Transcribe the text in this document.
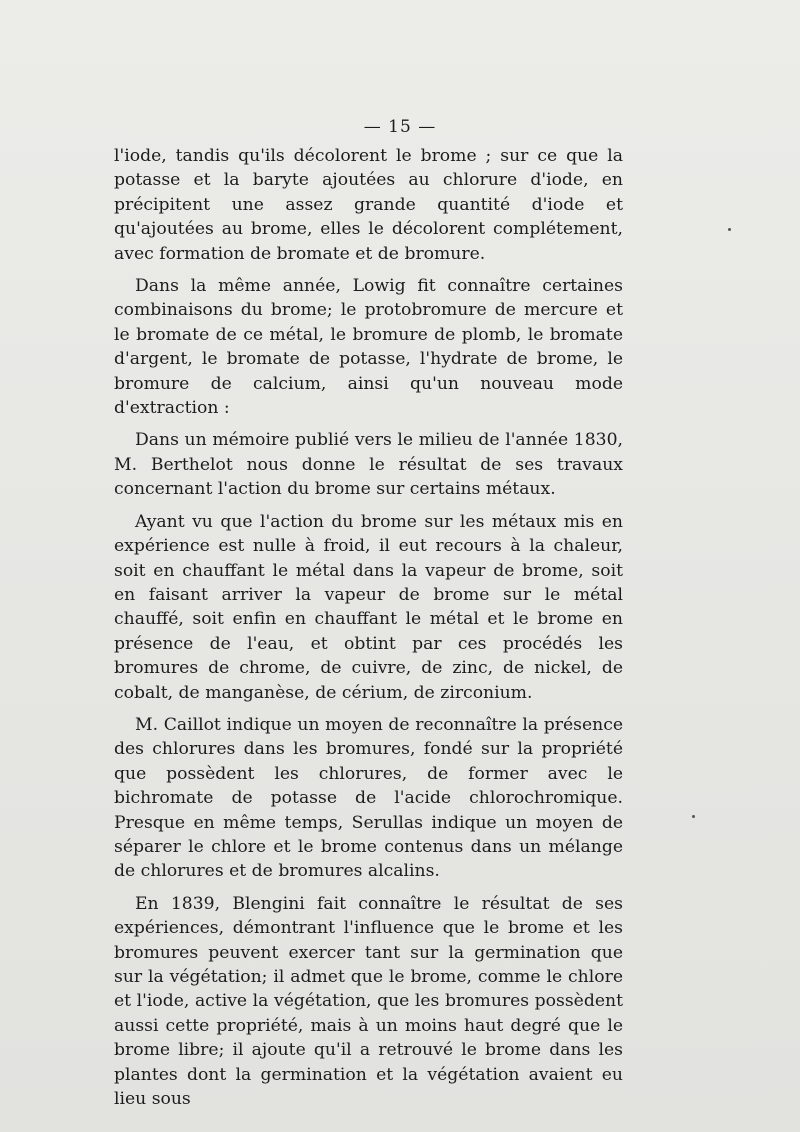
— 15 —

l'iode, tandis qu'ils décolorent le brome ; sur ce que la potasse et la baryte ajoutées au chlorure d'iode, en précipitent une assez grande quantité d'iode et qu'ajoutées au brome, elles le décolorent complétement, avec formation de bromate et de bromure.

Dans la même année, Lowig fit connaître certaines combinaisons du brome; le protobromure de mercure et le bromate de ce métal, le bromure de plomb, le bromate d'argent, le bromate de potasse, l'hydrate de brome, le bromure de calcium, ainsi qu'un nouveau mode d'extraction :

Dans un mémoire publié vers le milieu de l'année 1830, M. Berthelot nous donne le résultat de ses travaux concernant l'action du brome sur certains métaux.

Ayant vu que l'action du brome sur les métaux mis en expérience est nulle à froid, il eut recours à la chaleur, soit en chauffant le métal dans la vapeur de brome, soit en faisant arriver la vapeur de brome sur le métal chauffé, soit enfin en chauffant le métal et le brome en présence de l'eau, et obtint par ces procédés les bromures de chrome, de cuivre, de zinc, de nickel, de cobalt, de manganèse, de cérium, de zirconium.

M. Caillot indique un moyen de reconnaître la présence des chlorures dans les bromures, fondé sur la propriété que possèdent les chlorures, de former avec le bichromate de potasse de l'acide chlorochromique. Presque en même temps, Serullas indique un moyen de séparer le chlore et le brome contenus dans un mélange de chlorures et de bromures alcalins.

En 1839, Blengini fait connaître le résultat de ses expériences, démontrant l'influence que le brome et les bromures peuvent exercer tant sur la germination que sur la végétation; il admet que le brome, comme le chlore et l'iode, active la végétation, que les bromures possèdent aussi cette propriété, mais à un moins haut degré que le brome libre; il ajoute qu'il a retrouvé le brome dans les plantes dont la germination et la végétation avaient eu lieu sous
